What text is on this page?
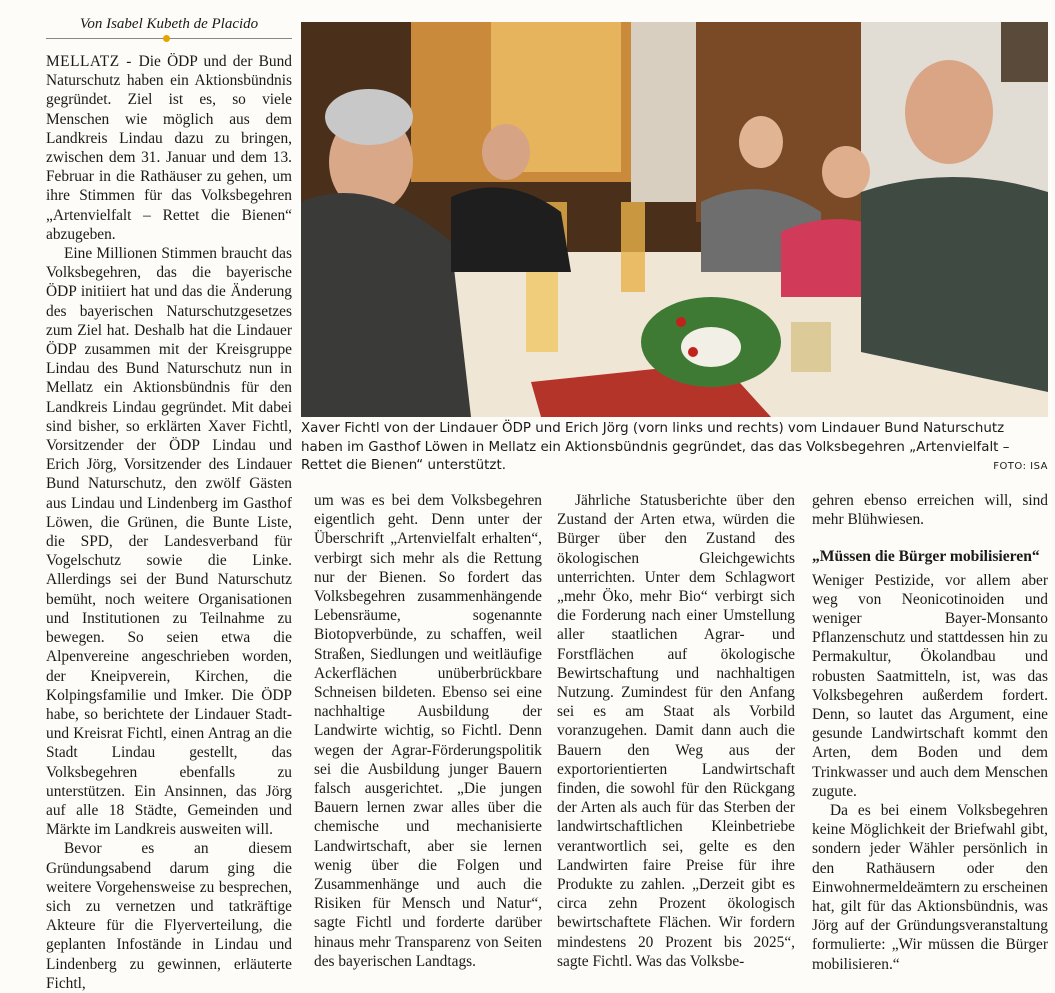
Von Isabel Kubeth de Placido

MELLATZ - Die ÖDP und der Bund Naturschutz haben ein Aktionsbündnis gegründet. Ziel ist es, so viele Menschen wie möglich aus dem Landkreis Lindau dazu zu bringen, zwischen dem 31. Januar und dem 13. Februar in die Rathäuser zu gehen, um ihre Stimmen für das Volksbegehren „Artenvielfalt – Rettet die Bienen“ abzugeben.

Eine Millionen Stimmen braucht das Volksbegehren, das die bayerische ÖDP initiiert hat und das die Änderung des bayerischen Naturschutzgesetzes zum Ziel hat. Deshalb hat die Lindauer ÖDP zusammen mit der Kreisgruppe Lindau des Bund Naturschutz nun in Mellatz ein Aktionsbündnis für den Landkreis Lindau gegründet. Mit dabei sind bisher, so erklärten Xaver Fichtl, Vorsitzender der ÖDP Lindau und Erich Jörg, Vorsitzender des Lindauer Bund Naturschutz, den zwölf Gästen aus Lindau und Lindenberg im Gasthof Löwen, die Grünen, die Bunte Liste, die SPD, der Landesverband für Vogelschutz sowie die Linke. Allerdings sei der Bund Naturschutz bemüht, noch weitere Organisationen und Institutionen zu Teilnahme zu bewegen. So seien etwa die Alpenvereine angeschrieben worden, der Kneipverein, Kirchen, die Kolpingsfamilie und Imker. Die ÖDP habe, so berichtete der Lindauer Stadt- und Kreisrat Fichtl, einen Antrag an die Stadt Lindau gestellt, das Volksbegehren ebenfalls zu unterstützen. Ein Ansinnen, das Jörg auf alle 18 Städte, Gemeinden und Märkte im Landkreis ausweiten will.

Bevor es an diesem Gründungsabend darum ging die weitere Vorgehensweise zu besprechen, sich zu vernetzen und tatkräftige Akteure für die Flyerverteilung, die geplanten Infostände in Lindau und Lindenberg zu gewinnen, erläuterte Fichtl,

Xaver Fichtl von der Lindauer ÖDP und Erich Jörg (vorn links und rechts) vom Lindauer Bund Naturschutz haben im Gasthof Löwen in Mellatz ein Aktionsbündnis gegründet, das das Volksbegehren „Artenvielfalt – Rettet die Bienen“ unterstützt.	FOTO: ISA

um was es bei dem Volksbegehren eigentlich geht. Denn unter der Überschrift „Artenvielfalt erhalten“, verbirgt sich mehr als die Rettung nur der Bienen. So fordert das Volksbegehren zusammenhängende Lebensräume, sogenannte Biotopverbünde, zu schaffen, weil Straßen, Siedlungen und weitläufige Ackerflächen unüberbrückbare Schneisen bildeten. Ebenso sei eine nachhaltige Ausbildung der Landwirte wichtig, so Fichtl. Denn wegen der Agrar-Förderungspolitik sei die Ausbildung junger Bauern falsch ausgerichtet. „Die jungen Bauern lernen zwar alles über die chemische und mechanisierte Landwirtschaft, aber sie lernen wenig über die Folgen und Zusammenhänge und auch die Risiken für Mensch und Natur“, sagte Fichtl und forderte darüber hinaus mehr Transparenz von Seiten des bayerischen Landtags.

Jährliche Statusberichte über den Zustand der Arten etwa, würden die Bürger über den Zustand des ökologischen Gleichgewichts unterrichten. Unter dem Schlagwort „mehr Öko, mehr Bio“ verbirgt sich die Forderung nach einer Umstellung aller staatlichen Agrar- und Forstflächen auf ökologische Bewirtschaftung und nachhaltigen Nutzung. Zumindest für den Anfang sei es am Staat als Vorbild voranzugehen. Damit dann auch die Bauern den Weg aus der exportorientierten Landwirtschaft finden, die sowohl für den Rückgang der Arten als auch für das Sterben der landwirtschaftlichen Kleinbetriebe verantwortlich sei, gelte es den Landwirten faire Preise für ihre Produkte zu zahlen. „Derzeit gibt es circa zehn Prozent ökologisch bewirtschaftete Flächen. Wir fordern mindestens 20 Prozent bis 2025“, sagte Fichtl. Was das Volksbe-

gehren ebenso erreichen will, sind mehr Blühwiesen.

„Müssen die Bürger mobilisieren“

Weniger Pestizide, vor allem aber weg von Neonicotinoiden und weniger Bayer-Monsanto Pflanzenschutz und stattdessen hin zu Permakultur, Ökolandbau und robusten Saatmitteln, ist, was das Volksbegehren außerdem fordert. Denn, so lautet das Argument, eine gesunde Landwirtschaft kommt den Arten, dem Boden und dem Trinkwasser und auch dem Menschen zugute.

Da es bei einem Volksbegehren keine Möglichkeit der Briefwahl gibt, sondern jeder Wähler persönlich in den Rathäusern oder den Einwohnermeldeämtern zu erscheinen hat, gilt für das Aktionsbündnis, was Jörg auf der Gründungsveranstaltung formulierte: „Wir müssen die Bürger mobilisieren.“
